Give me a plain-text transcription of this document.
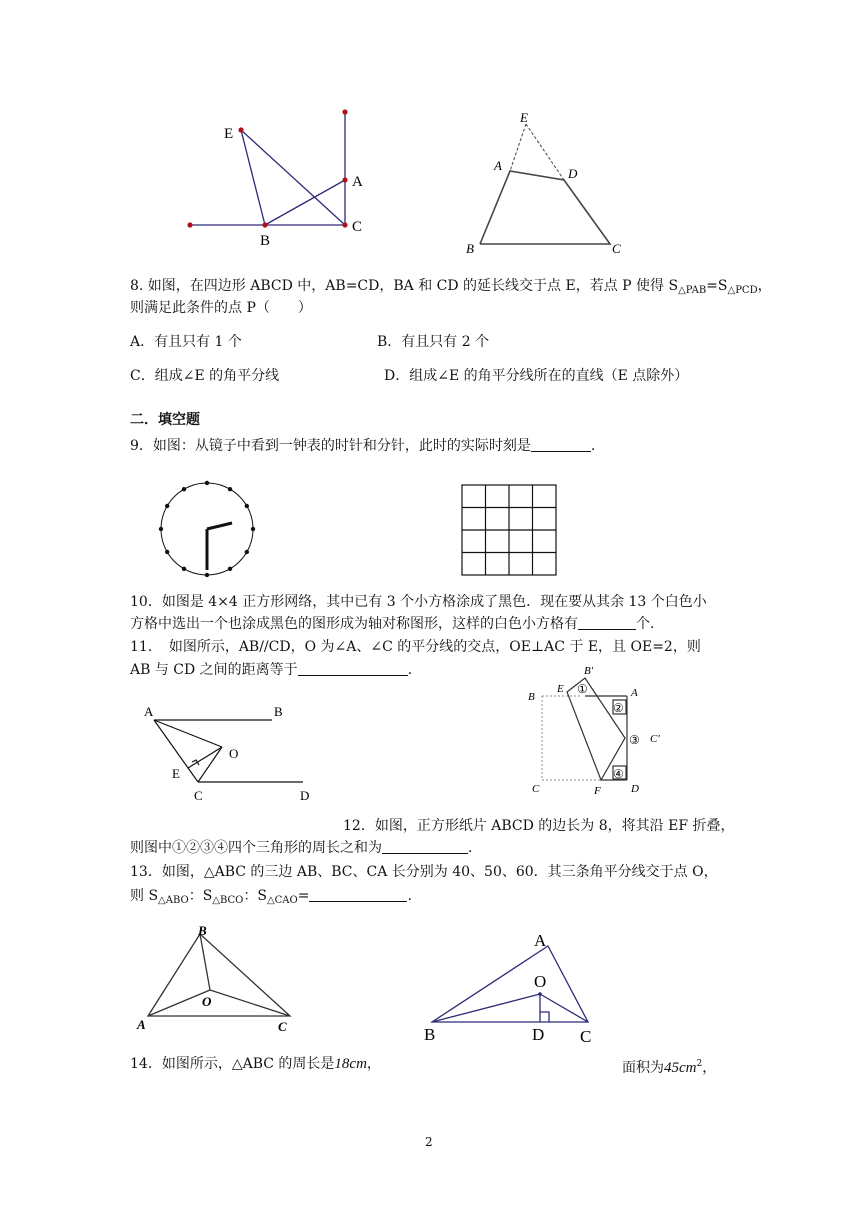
E
A
B
C
E
A
D
B	C
8. 如图，在四边形 ABCD 中，AB=CD，BA 和 CD 的延长线交于点 E，若点 P 使得 $S_{\triangle PAB}=S_{\triangle PCD}$，
则满足此条件的点 P（　　）
A．有且只有 1 个	B．有且只有 2 个
C．组成∠E 的角平分线	D．组成∠E 的角平分线所在的直线（E 点除外）
二．填空题
9．如图：从镜子中看到一钟表的时针和分针，此时的实际时刻是	.
10．如图是 4×4 正方形网络，其中已有 3 个小方格涂成了黑色．现在要从其余 13 个白色小
方格中选出一个也涂成黑色的图形成为轴对称图形，这样的白色小方格有	个.
11．　如图所示，AB//CD，O 为∠A、∠C 的平分线的交点，OE⊥AC 于 E，且 OE=2，则
AB 与 CD 之间的距离等于	.
A	B
O
E
C	D
B'
B
E ①	A
②
C'
③
C
④
F	D
12．如图，正方形纸片 ABCD 的边长为 8，将其沿 EF 折叠，
则图中①②③④四个三角形的周长之和为	.
13．如图，△ABC 的三边 AB、BC、CA 长分别为 40、50、60．其三条角平分线交于点 O，
则 $S_{\triangle ABO}$：$S_{\triangle BCO}$：$S_{\triangle CAO}=$	.
B
O
A	C
A
O
B	D C
14．如图所示，△ABC 的周长是18cm，	面积为$45cm^2$，
2
